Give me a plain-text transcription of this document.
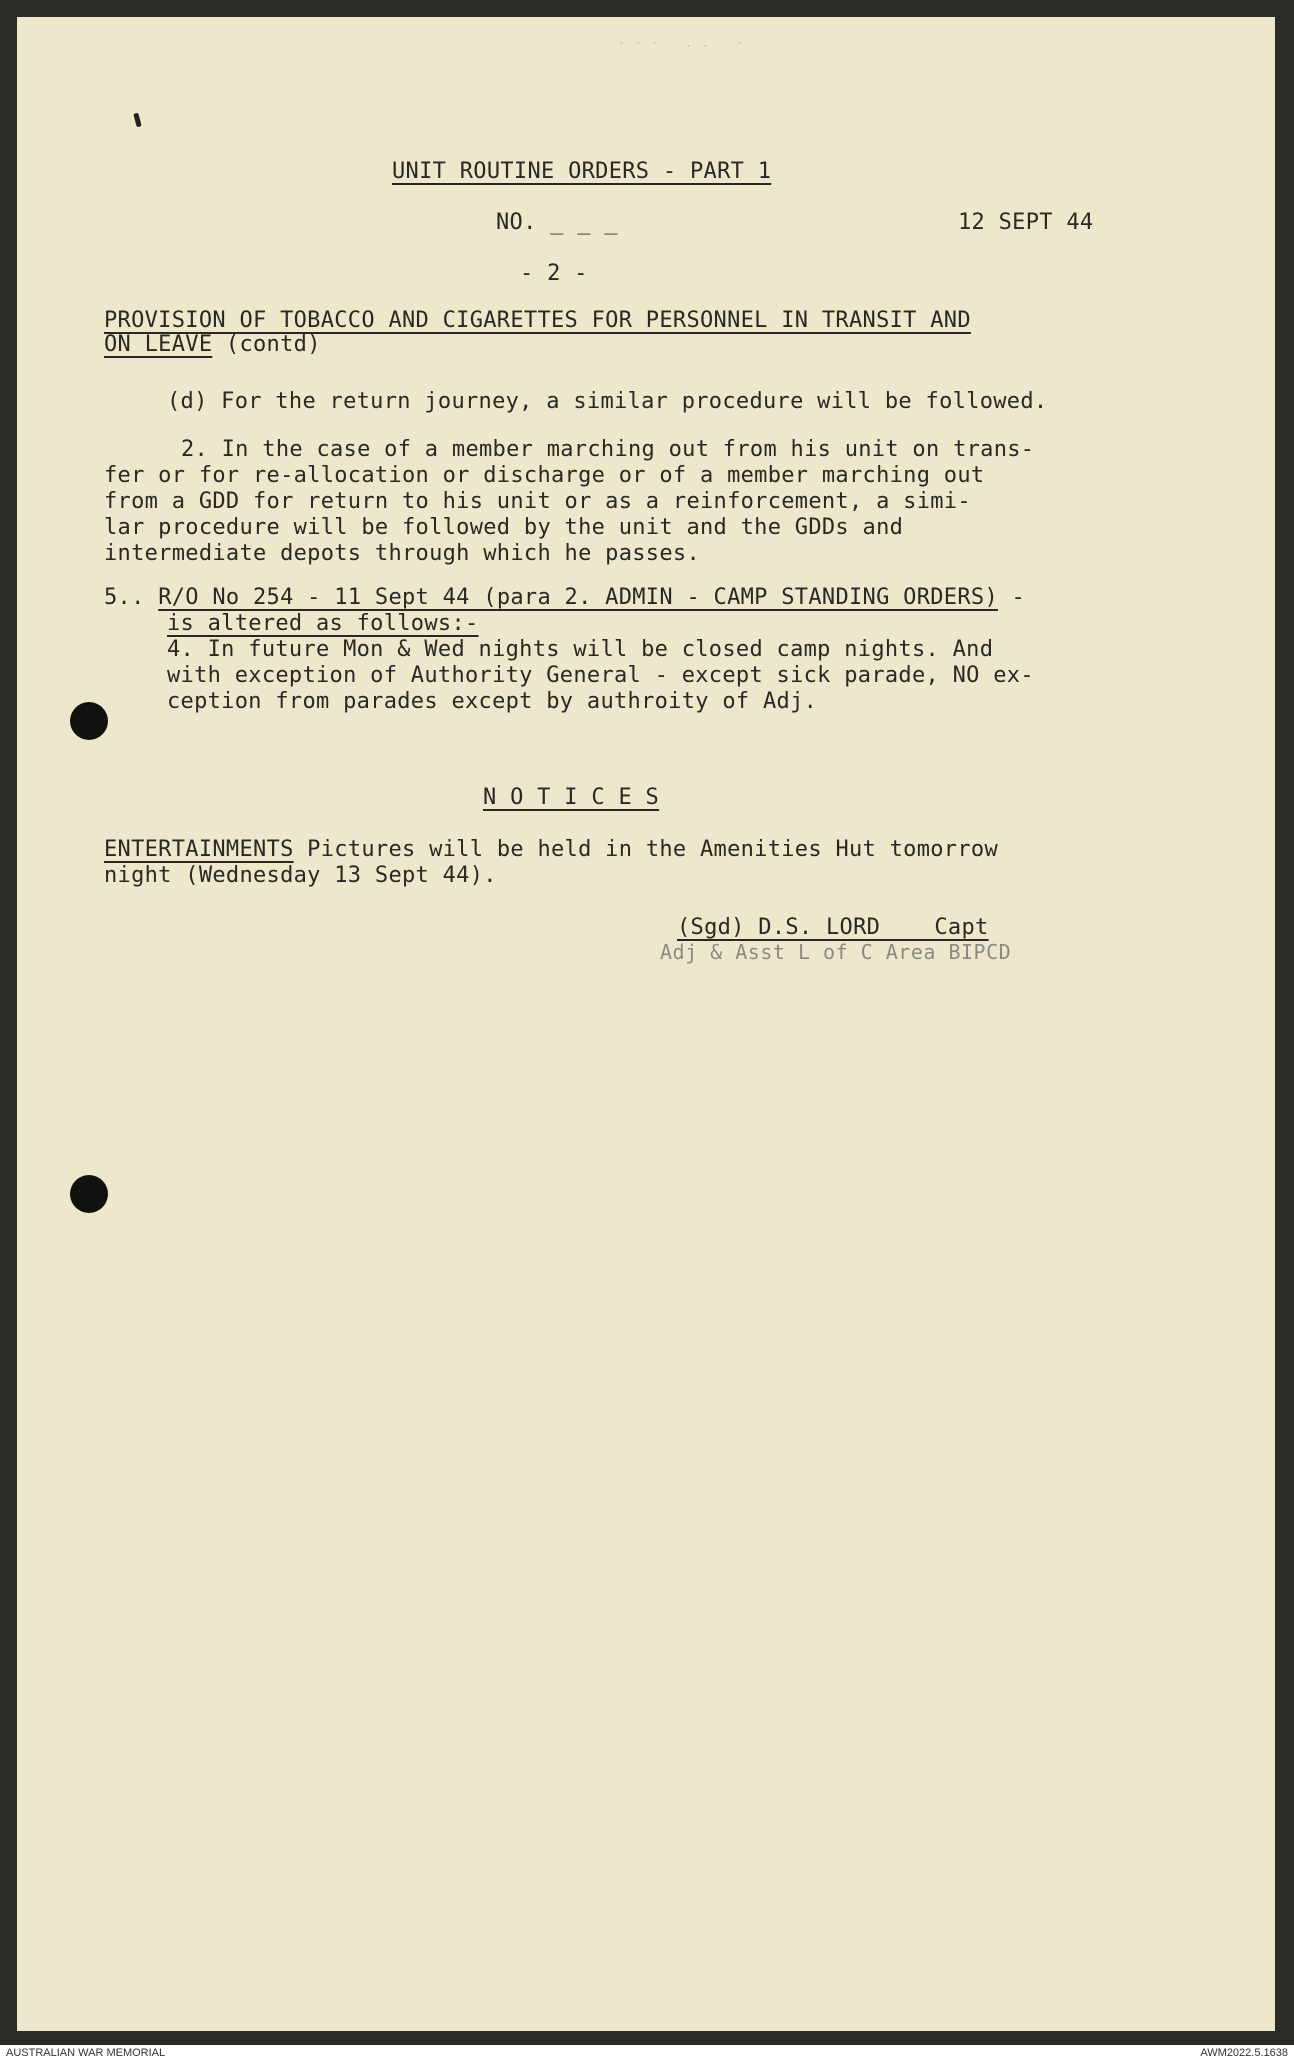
- - -   . .   -
UNIT ROUTINE ORDERS - PART 1
NO. _ _ _	12 SEPT 44
- 2 -
PROVISION OF TOBACCO AND CIGARETTES FOR PERSONNEL IN TRANSIT AND
ON LEAVE (contd)
(d) For the return journey, a similar procedure will be followed.
2. In the case of a member marching out from his unit on trans-
fer or for re-allocation or discharge or of a member marching out
from a GDD for return to his unit or as a reinforcement, a simi-
lar procedure will be followed by the unit and the GDDs and
intermediate depots through which he passes.
5.. R/O No 254 - 11 Sept 44 (para 2. ADMIN - CAMP STANDING ORDERS) -
is altered as follows:-
4. In future Mon & Wed nights will be closed camp nights. And
with exception of Authority General - except sick parade, NO ex-
ception from parades except by authroity of Adj.
N O T I C E S
ENTERTAINMENTS Pictures will be held in the Amenities Hut tomorrow
night (Wednesday 13 Sept 44).
(Sgd) D.S. LORD    Capt
Adj & Asst L of C Area BIPCD
AUSTRALIAN WAR MEMORIAL	AWM2022.5.1638
